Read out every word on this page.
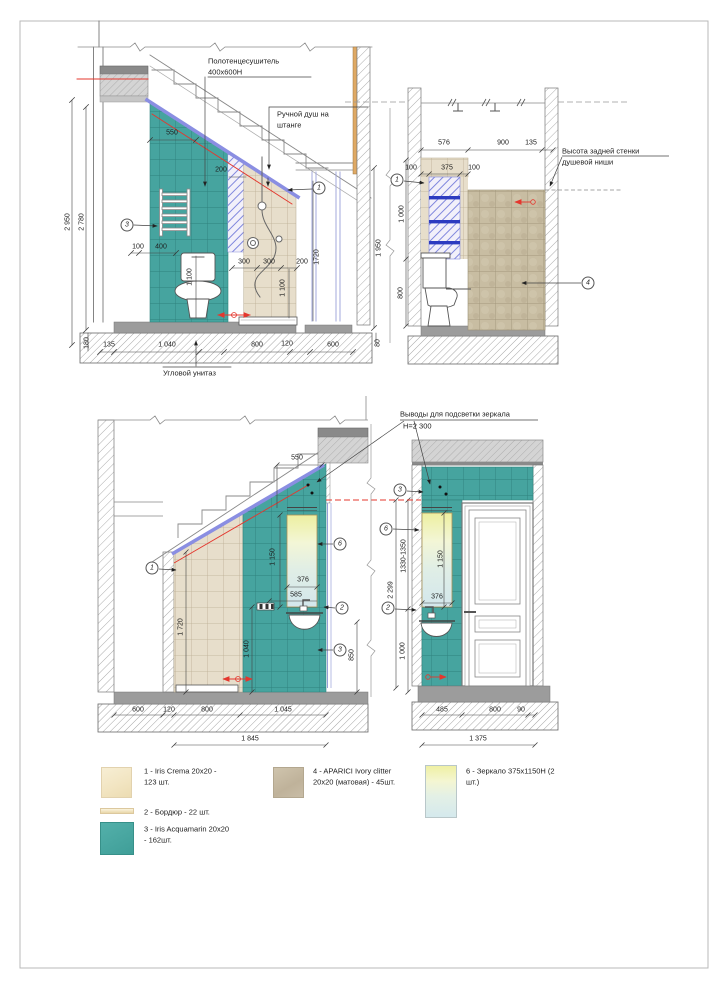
Полотенцесушитель
400x600Н
Ручной душ на
штанге
Угловой унитаз
550
200
2 950 2 780
100 400
1 100
300 300	200 1720
1 100
1 950
180 135	1 040	800	120	600	80
3
1
Высота задней стенки
душевой ниши
576	900 135
100	375 100
1 000
800
1
4
550
1 150
376
585
1 720
1 040	850
600	120	800	1 045
1 845
1
6
2
3
Выводы для подсветки зеркала
H=2 300
1330-1350
2 299
1 150
376
1 000
485	800 90
1 375
3
6
2
1 - Iris Crema 20x20 -
123 шт.
2 - Бордюр - 22 шт.
3 - Iris Acquamarin 20x20
- 162шт.
4 - APARICI Ivory clitter
20x20 (матовая) - 45шт.
6 - Зеркало 375x1150Н (2
шт.)
